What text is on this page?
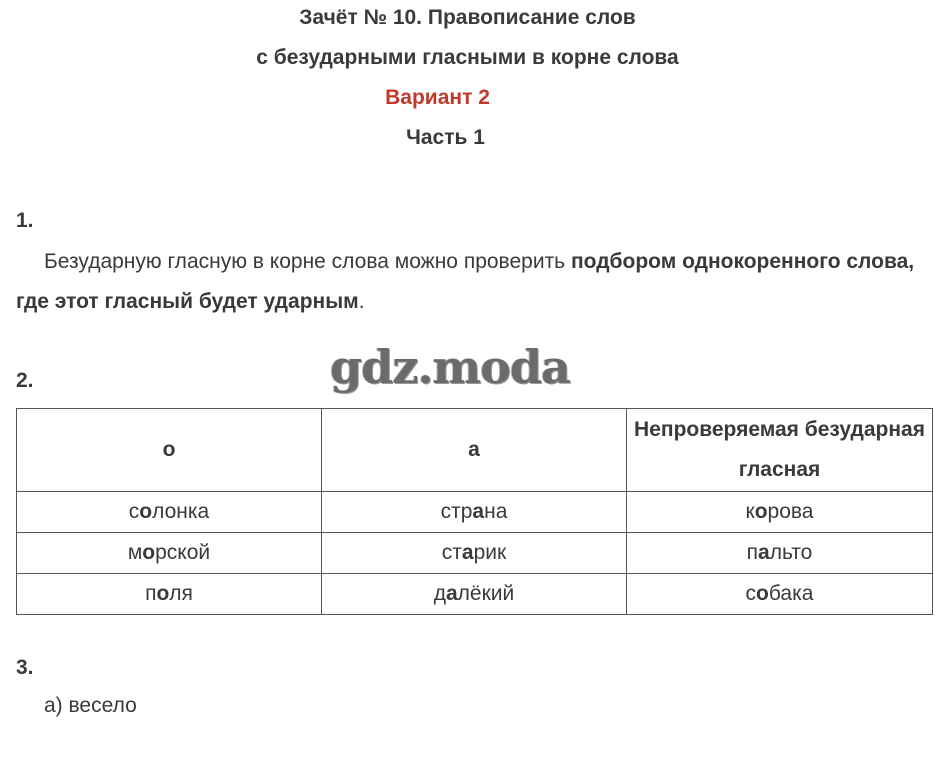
Зачёт № 10. Правописание слов
с безударными гласными в корне слова
Вариант 2
Часть 1
1.
Безударную гласную в корне слова можно проверить подбором однокоренного слова, где этот гласный будет ударным.
gdz.moda
2.
о	а	Непроверяемая безударная гласная
солонка	страна	корова
морской	старик	пальто
поля	далёкий	собака
3.
а) весело
